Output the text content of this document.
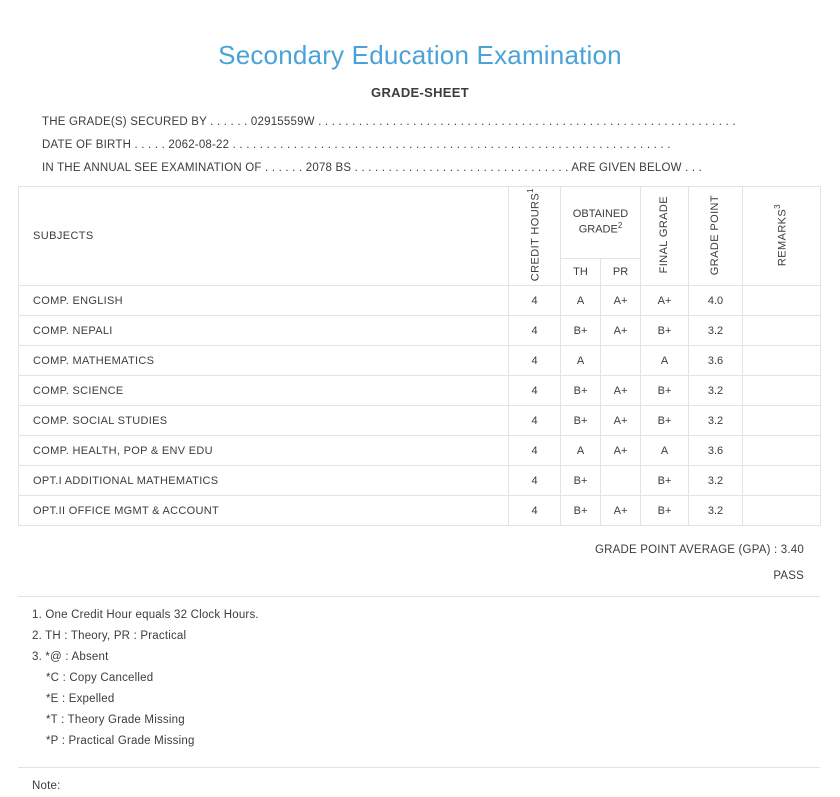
Secondary Education Examination
GRADE-SHEET
THE GRADE(S) SECURED BY . . . . . . 02915559W . . . . . . . . . . . . . . . . . . . . . . . . . . . . . . . . . . . . . . . . . . . . . . . . . . . . . . . . . . . . . .
DATE OF BIRTH . . . . . 2062-08-22 . . . . . . . . . . . . . . . . . . . . . . . . . . . . . . . . . . . . . . . . . . . . . . . . . . . . . . . . . . . . . . . . .
IN THE ANNUAL SEE EXAMINATION OF . . . . . . 2078 BS . . . . . . . . . . . . . . . . . . . . . . . . . . . . . . . . ARE GIVEN BELOW . . .
SUBJECTS	CREDIT HOURS$^1$	OBTAINED GRADE$^2$		FINAL GRADE	GRADE POINT	REMARKS$^3$
		TH	PR			
COMP. ENGLISH	4	A	A+	A+	4.0	
COMP. NEPALI	4	B+	A+	B+	3.2	
COMP. MATHEMATICS	4	A		A	3.6	
COMP. SCIENCE	4	B+	A+	B+	3.2	
COMP. SOCIAL STUDIES	4	B+	A+	B+	3.2	
COMP. HEALTH, POP & ENV EDU	4	A	A+	A	3.6	
OPT.I ADDITIONAL MATHEMATICS	4	B+		B+	3.2	
OPT.II OFFICE MGMT & ACCOUNT	4	B+	A+	B+	3.2	
GRADE POINT AVERAGE (GPA) : 3.40
PASS
1. One Credit Hour equals 32 Clock Hours.
2. TH : Theory, PR : Practical
3. *@ : Absent
*C : Copy Cancelled
*E : Expelled
*T : Theory Grade Missing
*P : Practical Grade Missing
Note:
